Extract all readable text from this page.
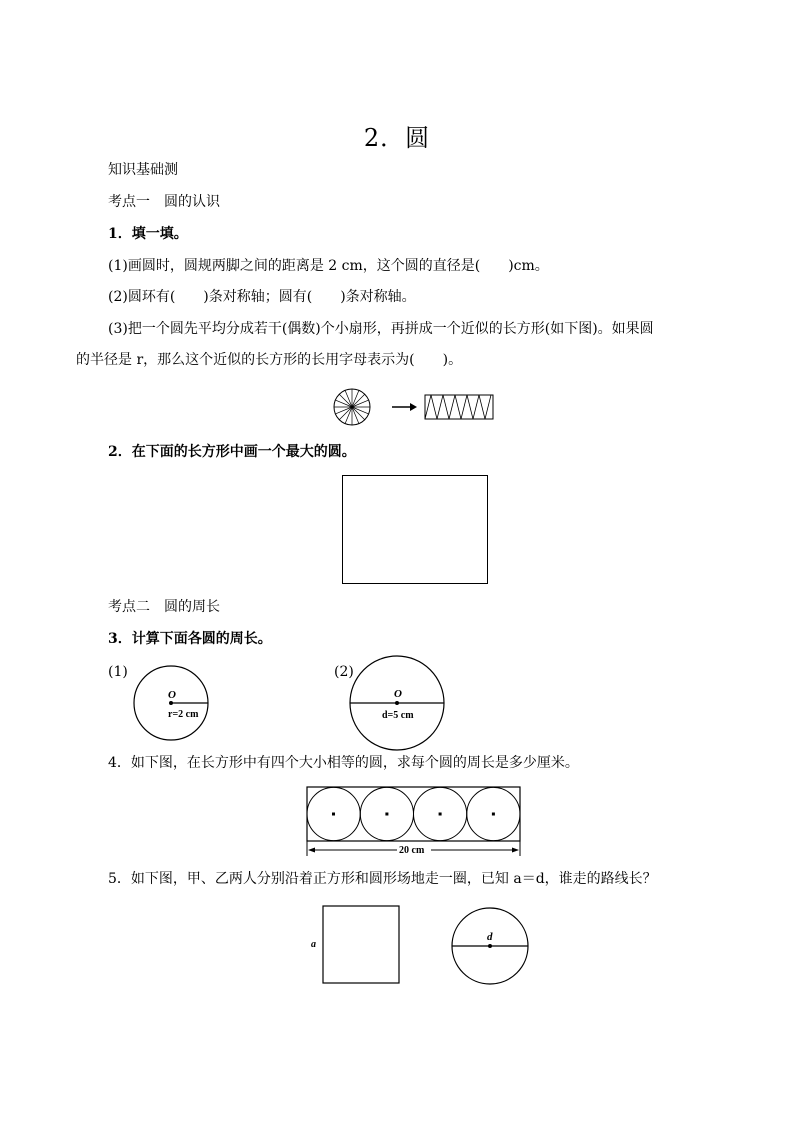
2．圆
知识基础测
考点一　圆的认识
1．填一填。
(1)画圆时，圆规两脚之间的距离是 2 cm，这个圆的直径是(　　)cm。
(2)圆环有(　　)条对称轴；圆有(　　)条对称轴。
(3)把一个圆先平均分成若干(偶数)个小扇形，再拼成一个近似的长方形(如下图)。如果圆
的半径是 r，那么这个近似的长方形的长用字母表示为(　　)。
2．在下面的长方形中画一个最大的圆。
考点二　圆的周长
3．计算下面各圆的周长。
(1)
O
r=2 cm
(2)
O
d=5 cm
4．如下图，在长方形中有四个大小相等的圆，求每个圆的周长是多少厘米。
20 cm
5．如下图，甲、乙两人分别沿着正方形和圆形场地走一圈，已知 a＝d，谁走的路线长？
a
d
